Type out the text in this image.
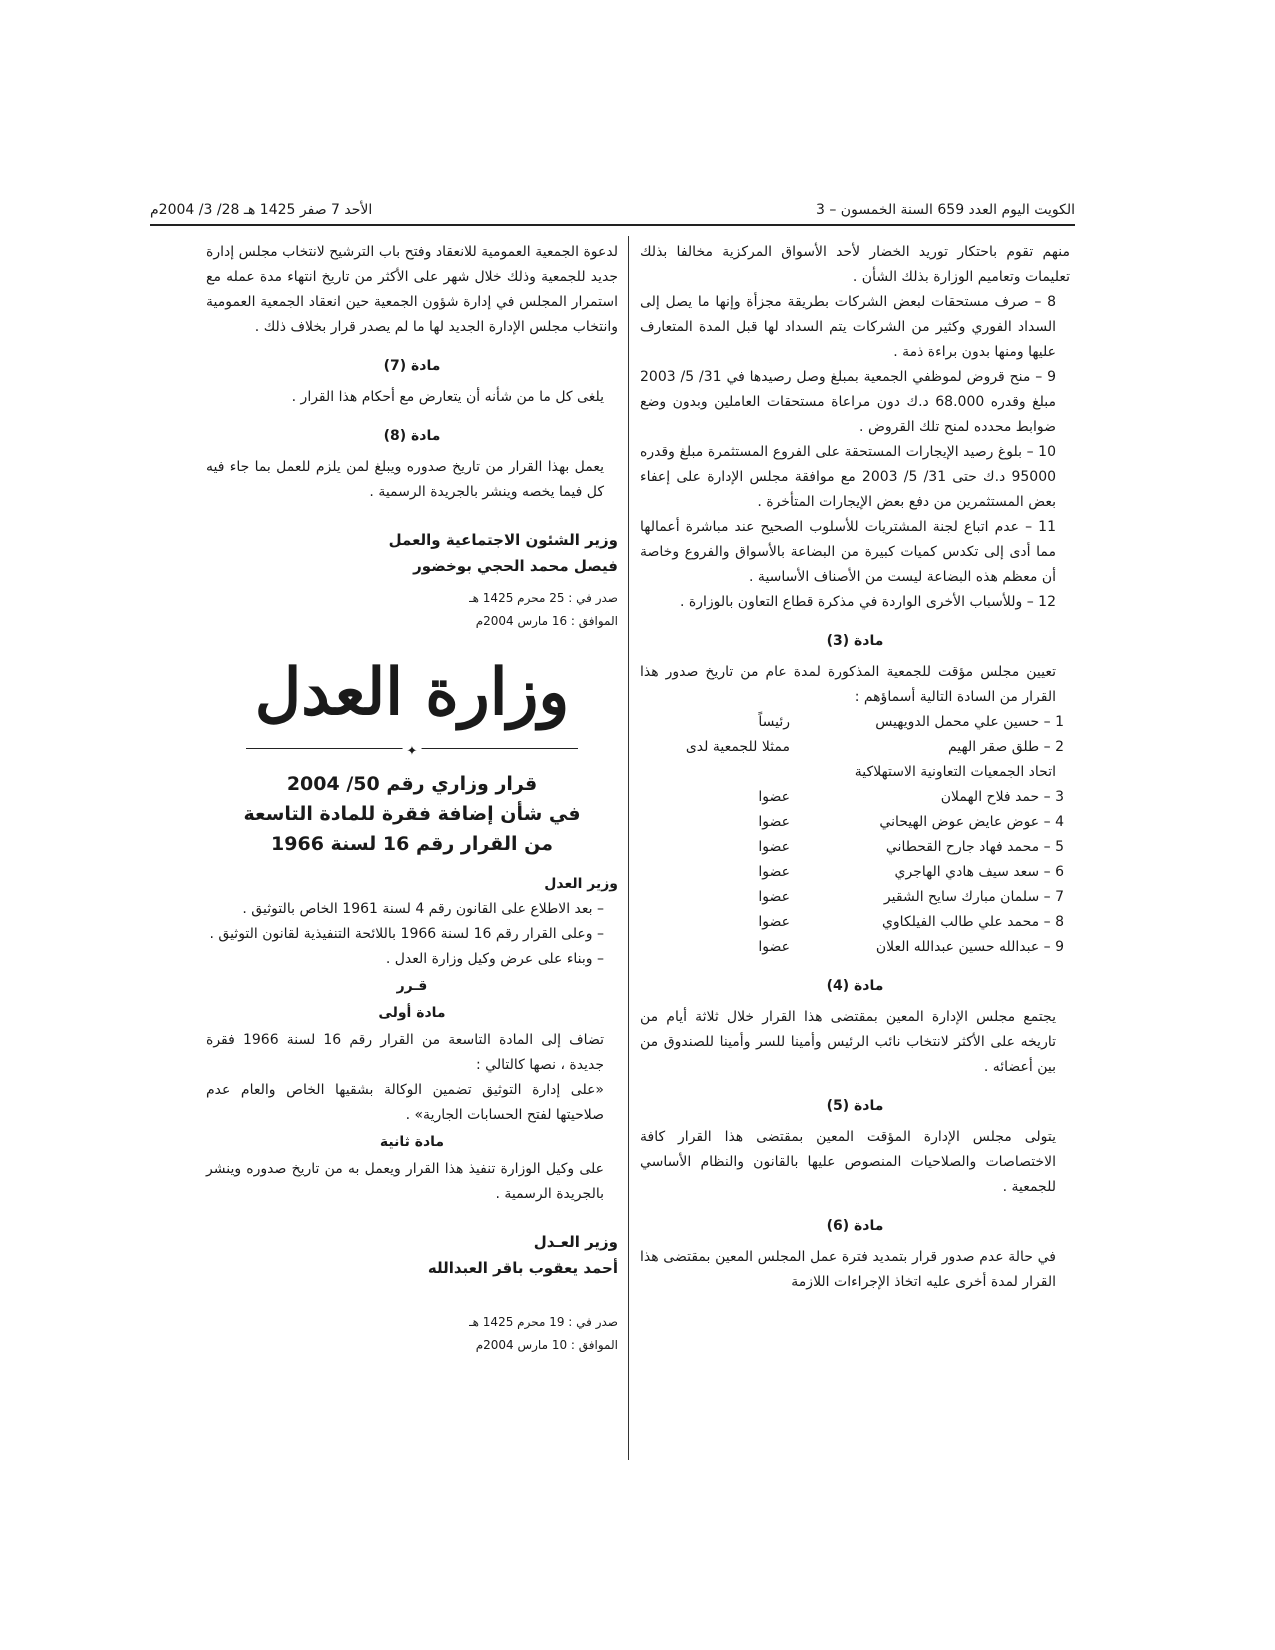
الكويت اليوم العدد 659 السنة الخمسون – 3
الأحد 7 صفر 1425 هـ 28/ 3/ 2004م

منهم تقوم باحتكار توريد الخضار لأحد الأسواق المركزية مخالفا بذلك تعليمات وتعاميم الوزارة بذلك الشأن .

8 – صرف مستحقات لبعض الشركات بطريقة مجزأة وإنها ما يصل إلى السداد الفوري وكثير من الشركات يتم السداد لها قبل المدة المتعارف عليها ومنها بدون براءة ذمة .

9 – منح قروض لموظفي الجمعية بمبلغ وصل رصيدها في 31/ 5/ 2003 مبلغ وقدره 68.000 د.ك دون مراعاة مستحقات العاملين وبدون وضع ضوابط محدده لمنح تلك القروض .

10 – بلوغ رصيد الإيجارات المستحقة على الفروع المستثمرة مبلغ وقدره 95000 د.ك حتى 31/ 5/ 2003 مع موافقة مجلس الإدارة على إعفاء بعض المستثمرين من دفع بعض الإيجارات المتأخرة .

11 – عدم اتباع لجنة المشتريات للأسلوب الصحيح عند مباشرة أعمالها مما أدى إلى تكدس كميات كبيرة من البضاعة بالأسواق والفروع وخاصة أن معظم هذه البضاعة ليست من الأصناف الأساسية .

12 – وللأسباب الأخرى الواردة في مذكرة قطاع التعاون بالوزارة .

مادة (3)

تعيين مجلس مؤقت للجمعية المذكورة لمدة عام من تاريخ صدور هذا القرار من السادة التالية أسماؤهم :

1 – حسين علي محمل الدويهيس
رئيساً
2 – طلق صقر الهيم
ممثلا للجمعية لدى
اتحاد الجمعيات التعاونية الاستهلاكية
3 – حمد فلاح الهملان
عضوا
4 – عوض عايض عوض الهيحاني
عضوا
5 – محمد فهاد جارح القحطاني
عضوا
6 – سعد سيف هادي الهاجري
عضوا
7 – سلمان مبارك سايح الشقير
عضوا
8 – محمد علي طالب الفيلكاوي
عضوا
9 – عبدالله حسين عبدالله العلان
عضوا
مادة (4)

يجتمع مجلس الإدارة المعين بمقتضى هذا القرار خلال ثلاثة أيام من تاريخه على الأكثر لانتخاب نائب الرئيس وأمينا للسر وأمينا للصندوق من بين أعضائه .

مادة (5)

يتولى مجلس الإدارة المؤقت المعين بمقتضى هذا القرار كافة الاختصاصات والصلاحيات المنصوص عليها بالقانون والنظام الأساسي للجمعية .

مادة (6)

في حالة عدم صدور قرار بتمديد فترة عمل المجلس المعين بمقتضى هذا القرار لمدة أخرى عليه اتخاذ الإجراءات اللازمة

لدعوة الجمعية العمومية للانعقاد وفتح باب الترشيح لانتخاب مجلس إدارة جديد للجمعية وذلك خلال شهر على الأكثر من تاريخ انتهاء مدة عمله مع استمرار المجلس في إدارة شؤون الجمعية حين انعقاد الجمعية العمومية وانتخاب مجلس الإدارة الجديد لها ما لم يصدر قرار بخلاف ذلك .

مادة (7)

يلغى كل ما من شأنه أن يتعارض مع أحكام هذا القرار .

مادة (8)

يعمل بهذا القرار من تاريخ صدوره ويبلغ لمن يلزم للعمل بما جاء فيه كل فيما يخصه وينشر بالجريدة الرسمية .

وزير الشئون الاجتماعية والعمل
فيصل محمد الحجي بوخضور
صدر في : 25 محرم 1425 هـ
الموافق : 16 مارس 2004م
وزارة العدل
✦
قرار وزاري رقم 50/ 2004
في شأن إضافة فقرة للمادة التاسعة
من القرار رقم 16 لسنة 1966
وزير العدل

– بعد الاطلاع على القانون رقم 4 لسنة 1961 الخاص بالتوثيق .

– وعلى القرار رقم 16 لسنة 1966 باللائحة التنفيذية لقانون التوثيق .

– وبناء على عرض وكيل وزارة العدل .

قـرر
مادة أولى

تضاف إلى المادة التاسعة من القرار رقم 16 لسنة 1966 فقرة جديدة ، نصها كالتالي :

«على إدارة التوثيق تضمين الوكالة بشقيها الخاص والعام عدم صلاحيتها لفتح الحسابات الجارية» .

مادة ثانية

على وكيل الوزارة تنفيذ هذا القرار ويعمل به من تاريخ صدوره وينشر بالجريدة الرسمية .

وزير العـدل
أحمد يعقوب باقر العبدالله
صدر في : 19 محرم 1425 هـ
الموافق : 10 مارس 2004م
